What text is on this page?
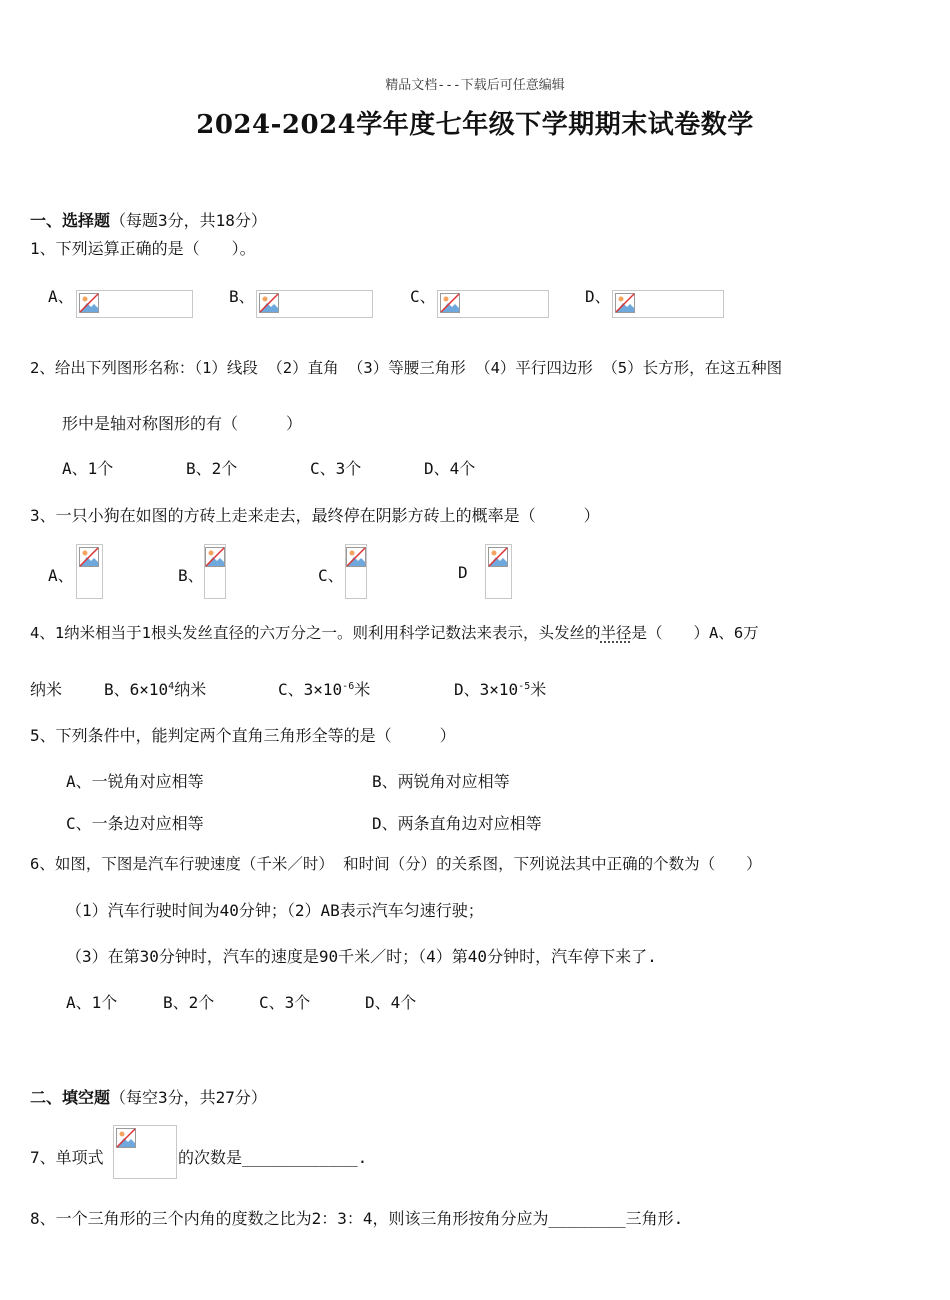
精品文档---下载后可任意编辑
2024-2024学年度七年级下学期期末试卷数学
一、选择题（每题3分，共18分）
1、下列运算正确的是（　　）。
A、	B、	C、	D、
2、给出下列图形名称：（1）线段 （2）直角 （3）等腰三角形 （4）平行四边形 （5）长方形，在这五种图
形中是轴对称图形的有（　　　）
A、1个	B、2个	C、3个	D、4个
3、一只小狗在如图的方砖上走来走去，最终停在阴影方砖上的概率是（　　　）
A、	B、	C、	D
4、1纳米相当于1根头发丝直径的六万分之一。则利用科学记数法来表示，头发丝的半径是（　　）A、6万
纳米	B、$6\times 10^4$纳米	C、$3\times 10^{-6}$米	D、$3\times 10^{-5}$米
5、下列条件中，能判定两个直角三角形全等的是（　　　）
A、一锐角对应相等	B、两锐角对应相等
C、一条边对应相等	D、两条直角边对应相等
6、如图，下图是汽车行驶速度（千米／时） 和时间（分）的关系图，下列说法其中正确的个数为（　　）
（1）汽车行驶时间为40分钟；（2）AB表示汽车匀速行驶；
（3）在第30分钟时，汽车的速度是90千米／时；（4）第40分钟时，汽车停下来了.
A、1个	B、2个	C、3个	D、4个
二、填空题（每空3分，共27分）
7、单项式	的次数是____________.
8、一个三角形的三个内角的度数之比为2：3：4，则该三角形按角分应为________三角形.
